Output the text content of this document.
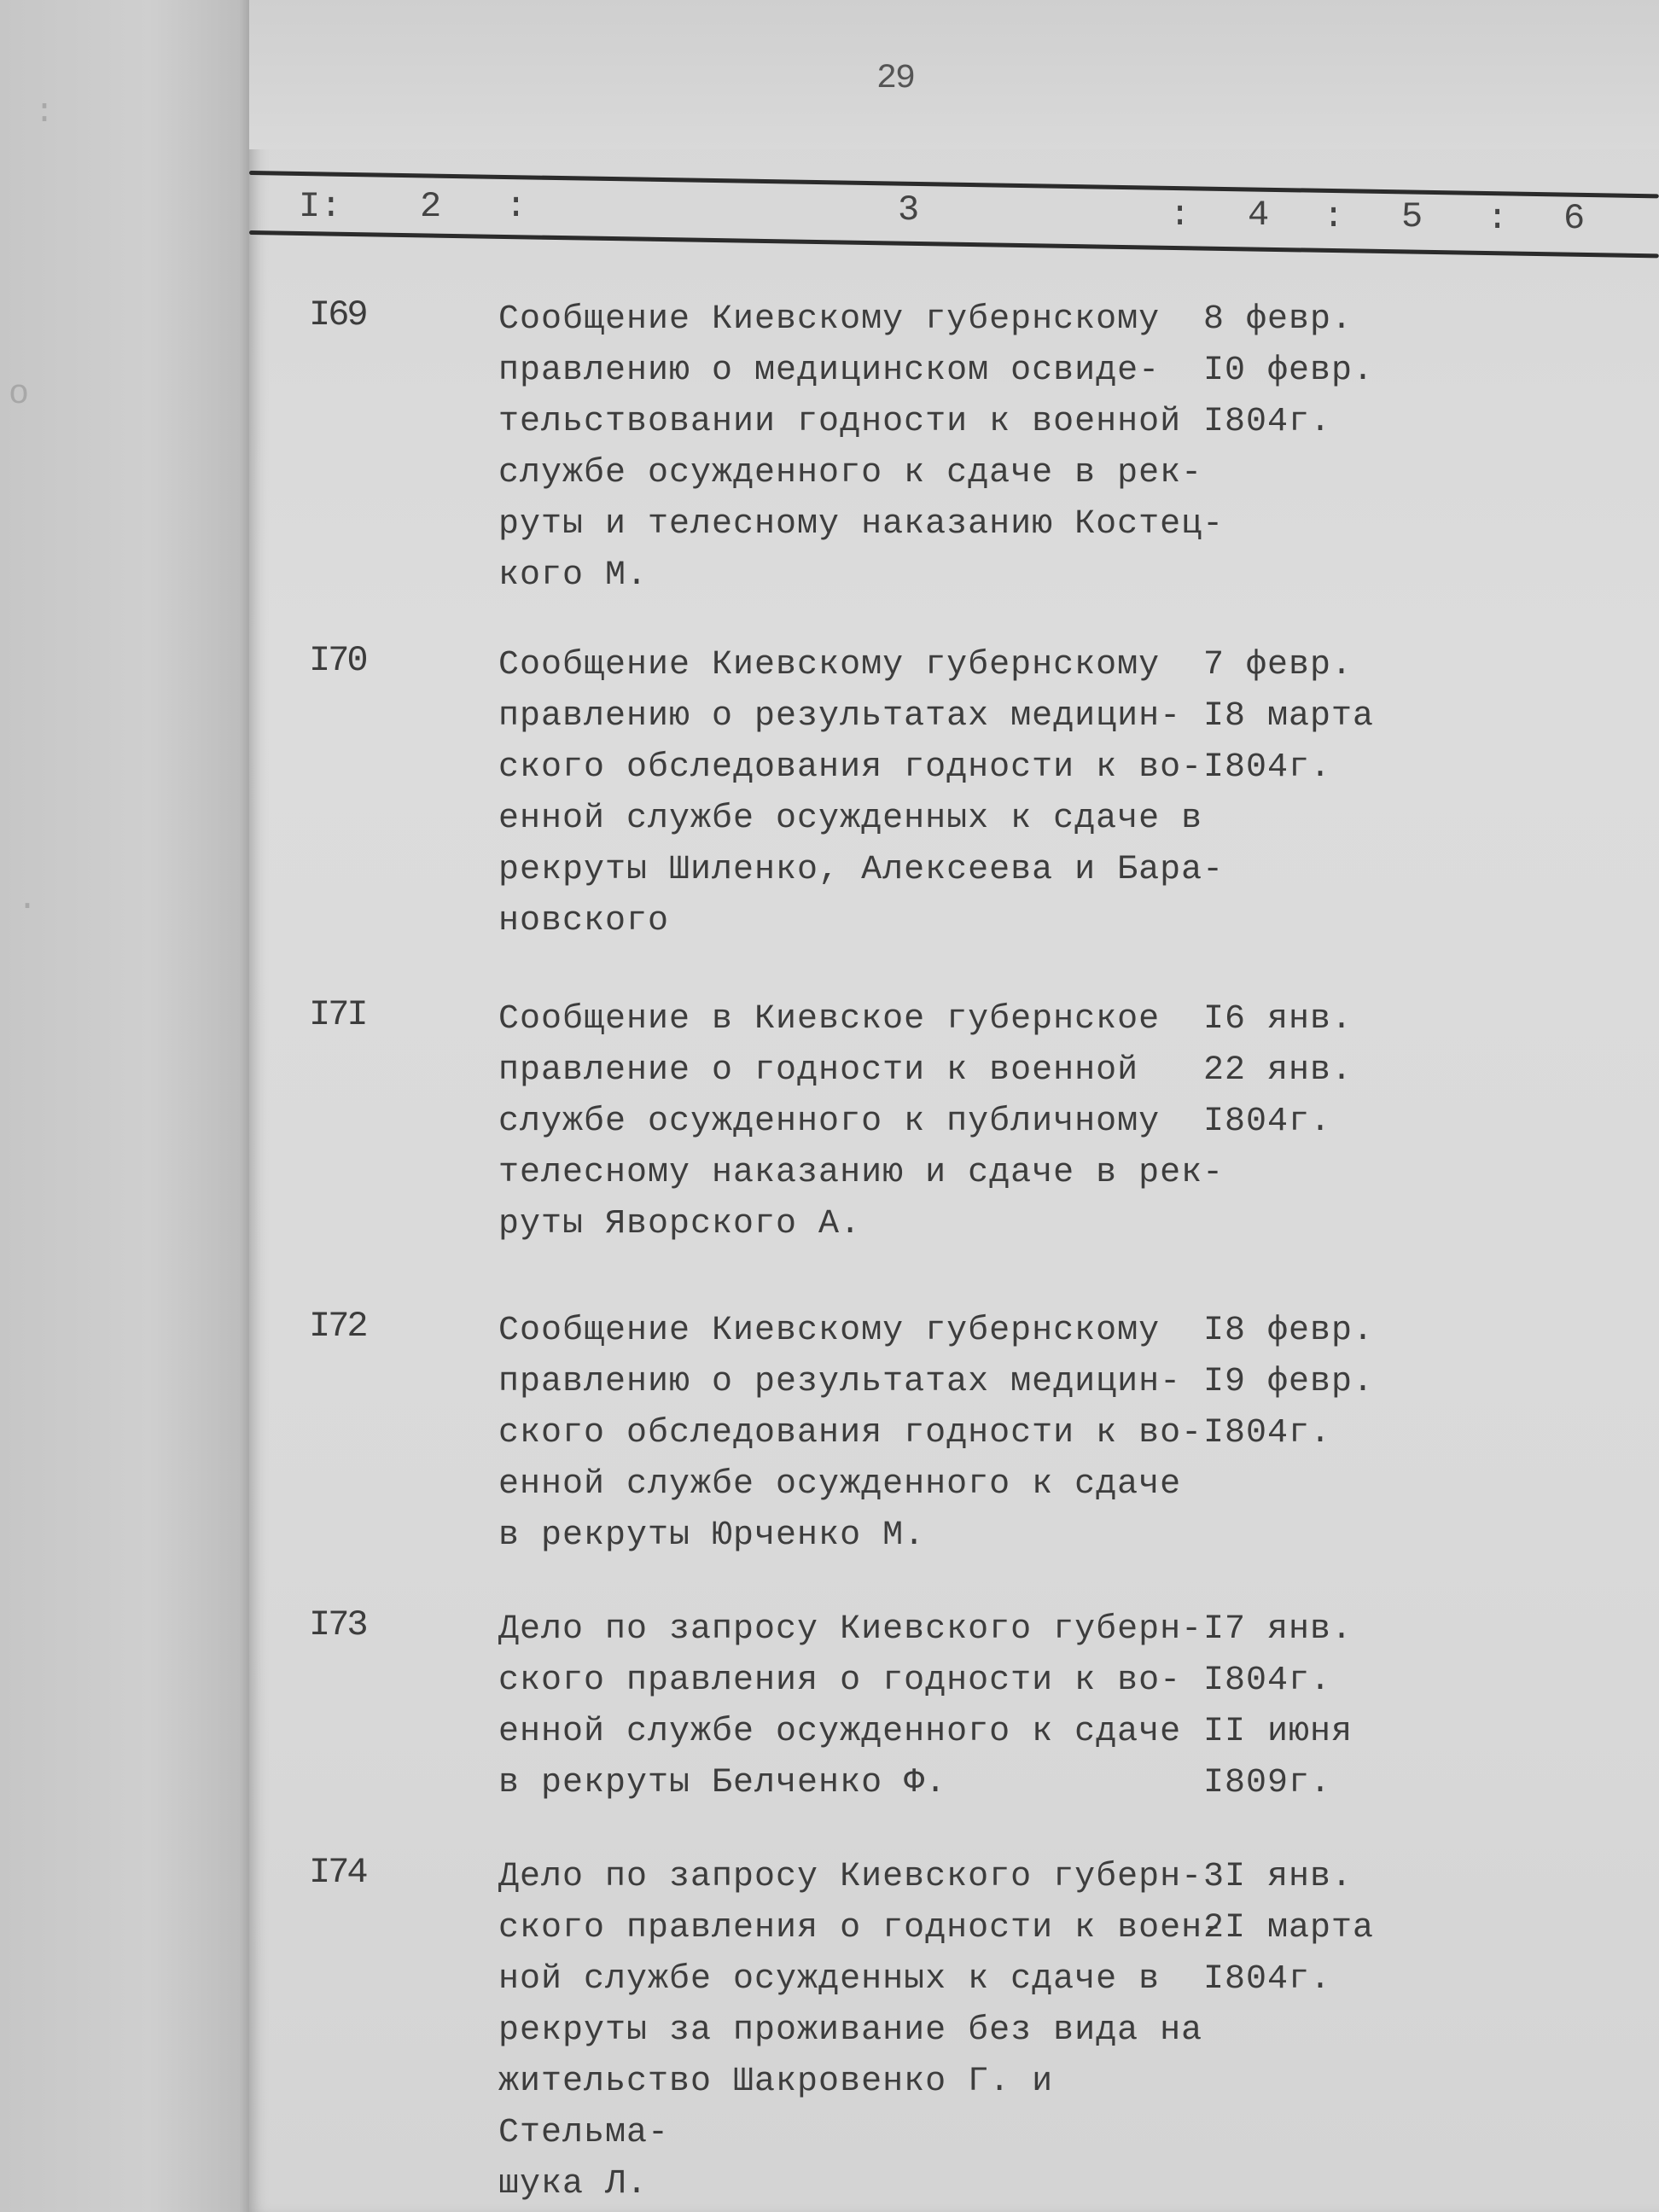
:
о
·
29
I: 2 :	3	: 4 : 5 : 6
I69	Сообщение Киевскому губернскому
правлению о медицинском освиде-
тельствовании годности к военной
службе осужденного к сдаче в рек-
руты и телесному наказанию Костец-
кого М.
8 февр.
I0 февр.
I804г.
I70	Сообщение Киевскому губернскому
правлению о результатах медицин-
ского обследования годности к во-
енной службе осужденных к сдаче в
рекруты Шиленко, Алексеева и Бара-
новского
7 февр.
I8 марта
I804г.
I7I	Сообщение в Киевское губернское
правление о годности к военной
службе осужденного к публичному
телесному наказанию и сдаче в рек-
руты Яворского А.
I6 янв.
22 янв.
I804г.
I72	Сообщение Киевскому губернскому
правлению о результатах медицин-
ского обследования годности к во-
енной службе осужденного к сдаче
в рекруты Юрченко М.
I8 февр.
I9 февр.
I804г.
I73	Дело по запросу Киевского губерн-
ского правления о годности к во-
енной службе осужденного к сдаче
в рекруты Белченко Ф.
I7 янв.
I804г.
II июня
I809г.
I74	Дело по запросу Киевского губерн-
ского правления о годности к воен-
ной службе осужденных к сдаче в
рекруты за проживание без вида на
жительство Шакровенко Г. и Стельма-
шука Л.
3I янв.
2I марта
I804г.
